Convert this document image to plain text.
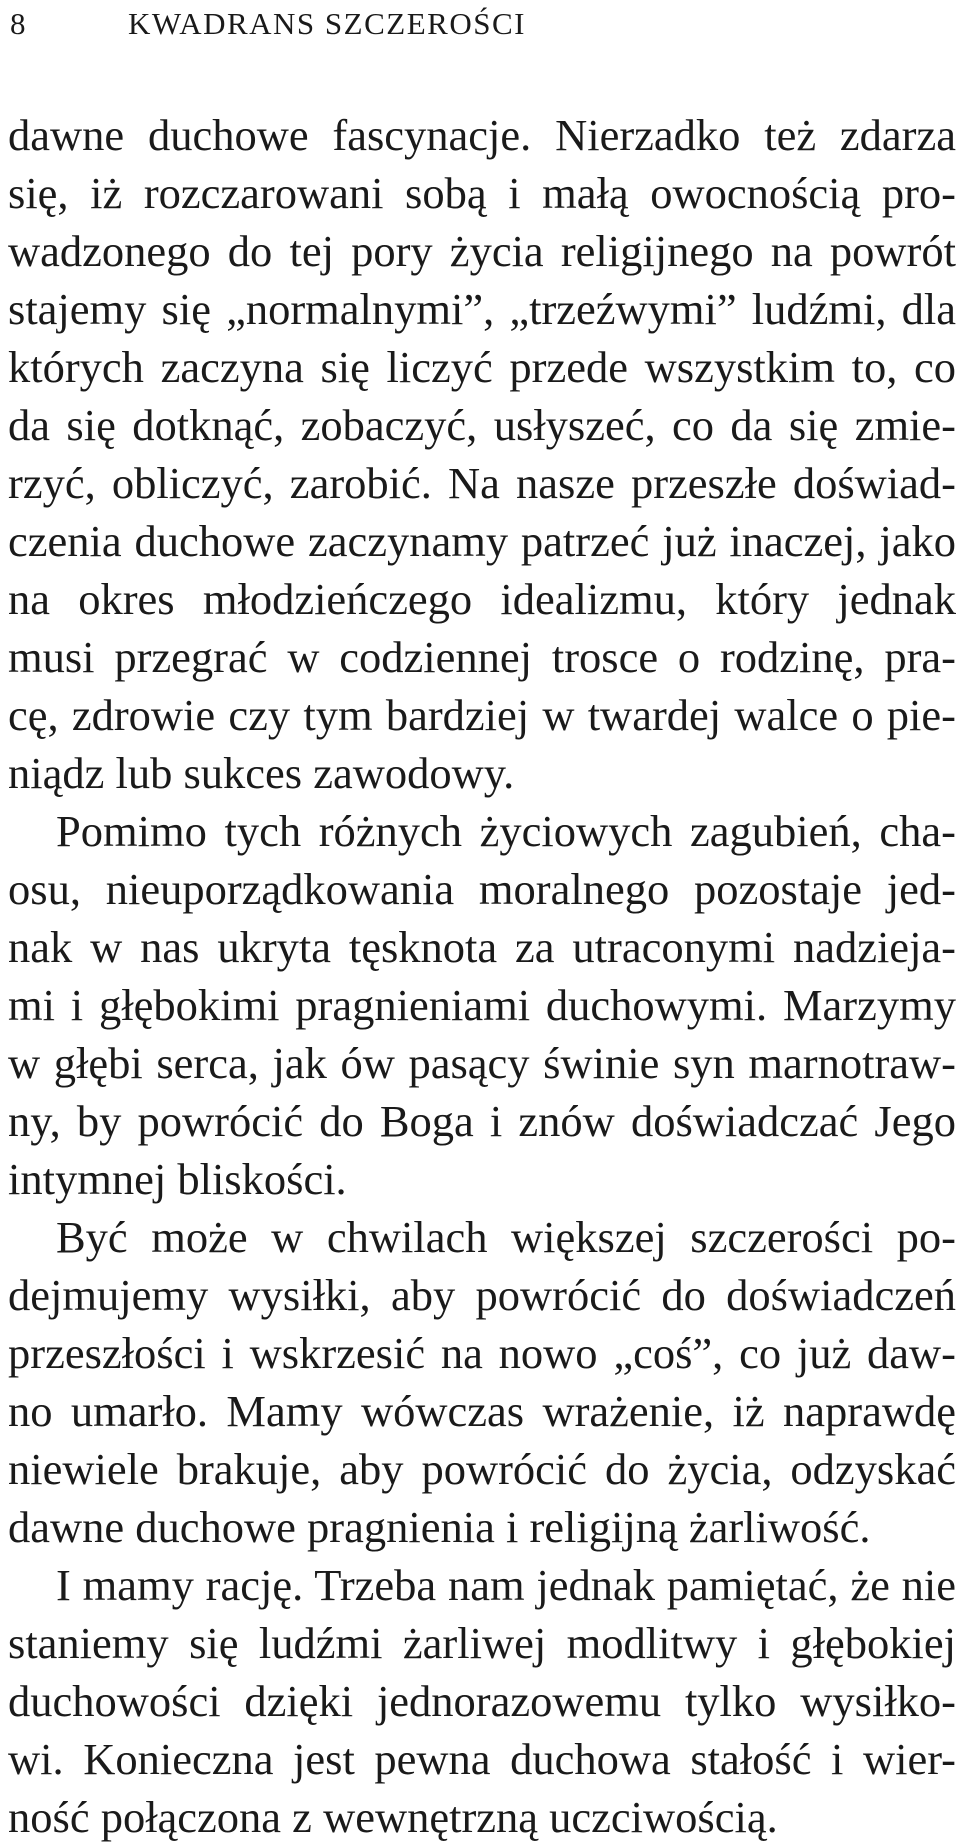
8	KWADRANS SZCZEROŚCI
dawne duchowe fascynacje. Nierzadko też zdarza
się, iż rozczarowani sobą i małą owocnością pro-
wadzonego do tej pory życia religijnego na powrót
stajemy się „normalnymi”, „trzeźwymi” ludźmi, dla
których zaczyna się liczyć przede wszystkim to, co
da się dotknąć, zobaczyć, usłyszeć, co da się zmie-
rzyć, obliczyć, zarobić. Na nasze przeszłe doświad-
czenia duchowe zaczynamy patrzeć już inaczej, jako
na okres młodzieńczego idealizmu, który jednak
musi przegrać w codziennej trosce o rodzinę, pra-
cę, zdrowie czy tym bardziej w twardej walce o pie-
niądz lub sukces zawodowy.
Pomimo tych różnych życiowych zagubień, cha-
osu, nieuporządkowania moralnego pozostaje jed-
nak w nas ukryta tęsknota za utraconymi nadzieja-
mi i głębokimi pragnieniami duchowymi. Marzymy
w głębi serca, jak ów pasący świnie syn marnotraw-
ny, by powrócić do Boga i znów doświadczać Jego
intymnej bliskości.
Być może w chwilach większej szczerości po-
dejmujemy wysiłki, aby powrócić do doświadczeń
przeszłości i wskrzesić na nowo „coś”, co już daw-
no umarło. Mamy wówczas wrażenie, iż naprawdę
niewiele brakuje, aby powrócić do życia, odzyskać
dawne duchowe pragnienia i religijną żarliwość.
I mamy rację. Trzeba nam jednak pamiętać, że nie
staniemy się ludźmi żarliwej modlitwy i głębokiej
duchowości dzięki jednorazowemu tylko wysiłko-
wi. Konieczna jest pewna duchowa stałość i wier-
ność połączona z wewnętrzną uczciwością.
